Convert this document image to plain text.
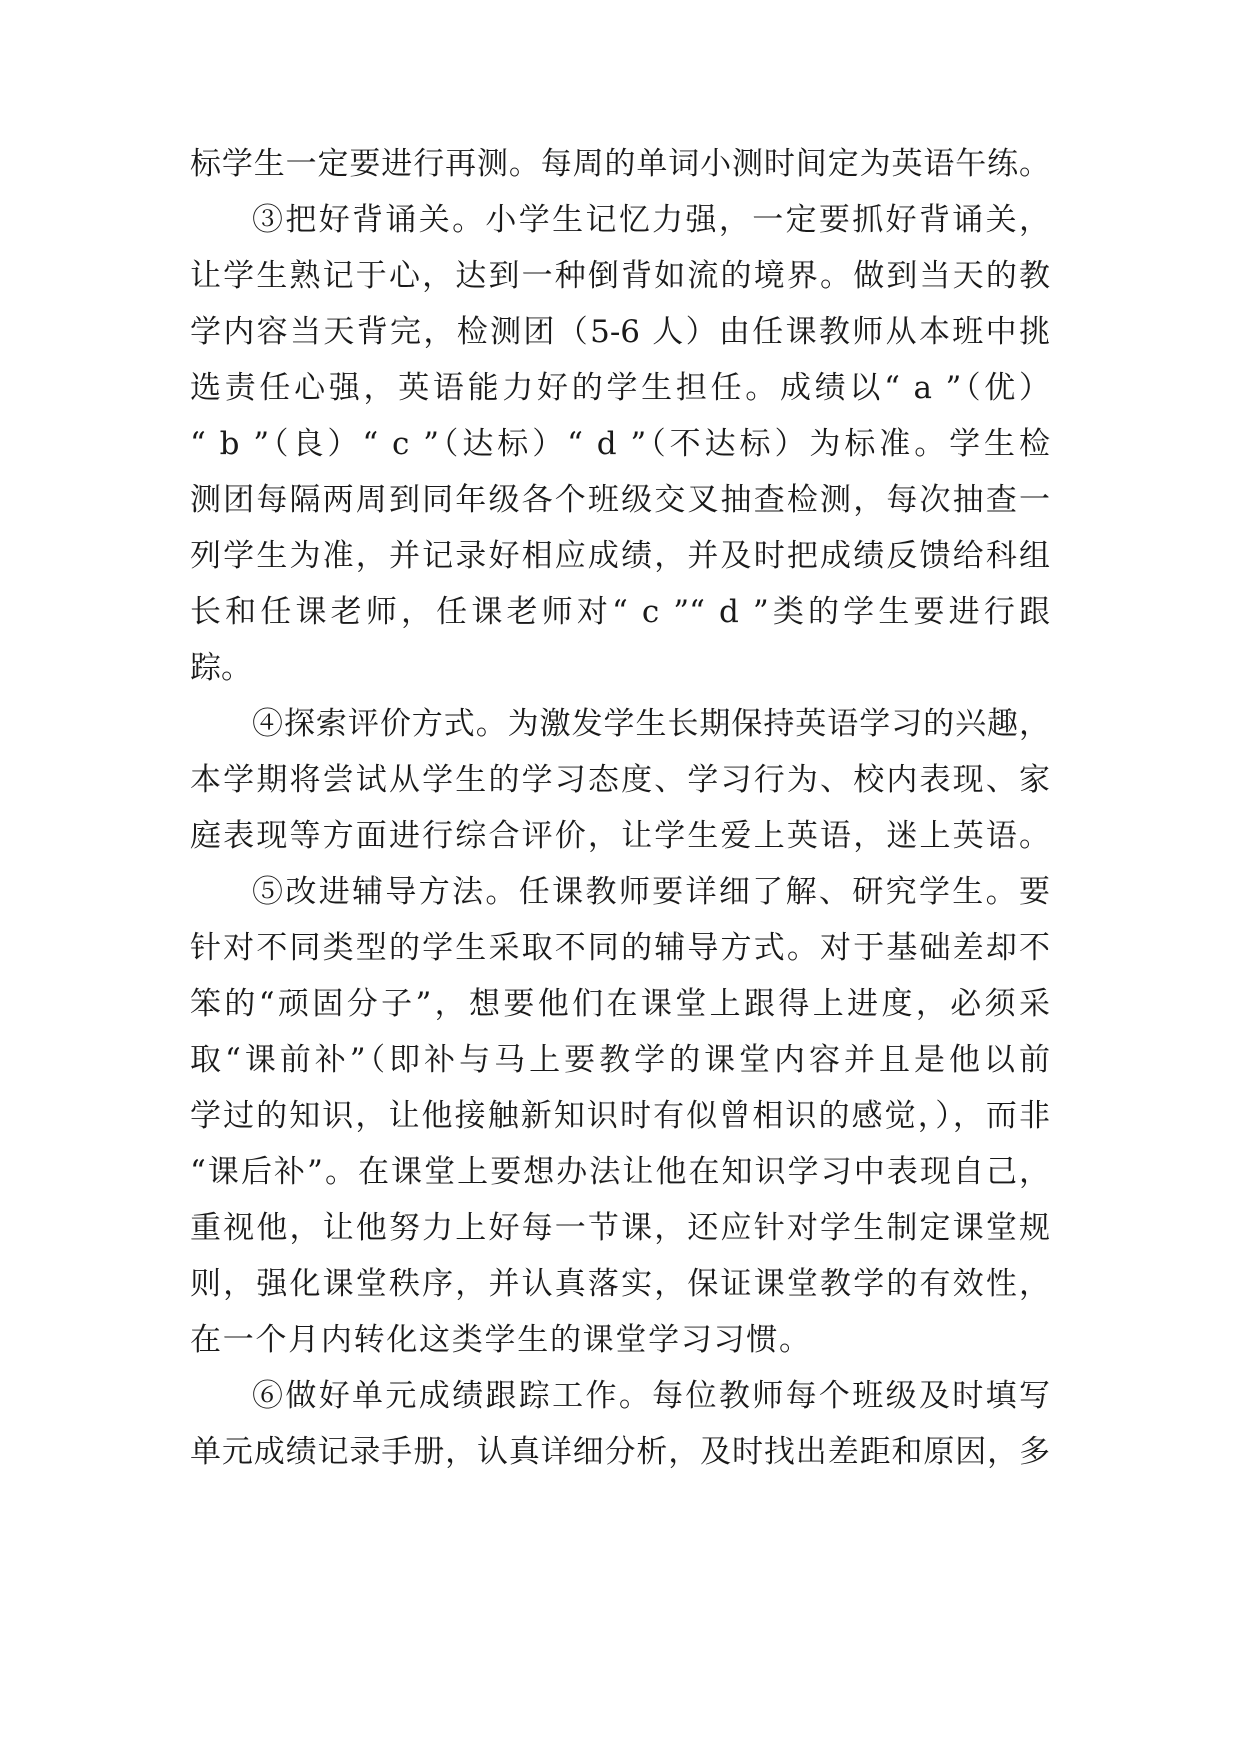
标学生一定要进行再测。每周的单词小测时间定为英语午练。
③把好背诵关。小学生记忆力强，一定要抓好背诵关，
让学生熟记于心，达到一种倒背如流的境界。做到当天的教
学内容当天背完，检测团（5-6 人）由任课教师从本班中挑
选责任心强，英语能力好的学生担任。成绩以“ a ”（优）
“ b ”（良）“ c ”（达标）“ d ”（不达标）为标准。学生检
测团每隔两周到同年级各个班级交叉抽查检测，每次抽查一
列学生为准，并记录好相应成绩，并及时把成绩反馈给科组
长和任课老师，任课老师对“ c ”“ d ”类的学生要进行跟
踪。
④探索评价方式。为激发学生长期保持英语学习的兴趣，
本学期将尝试从学生的学习态度、学习行为、校内表现、家
庭表现等方面进行综合评价，让学生爱上英语，迷上英语。
⑤改进辅导方法。任课教师要详细了解、研究学生。要
针对不同类型的学生采取不同的辅导方式。对于基础差却不
笨的“顽固分子”，想要他们在课堂上跟得上进度，必须采
取“课前补”（即补与马上要教学的课堂内容并且是他以前
学过的知识，让他接触新知识时有似曾相识的感觉，），而非
“课后补”。在课堂上要想办法让他在知识学习中表现自己，
重视他，让他努力上好每一节课，还应针对学生制定课堂规
则，强化课堂秩序，并认真落实，保证课堂教学的有效性，
在一个月内转化这类学生的课堂学习习惯。
⑥做好单元成绩跟踪工作。每位教师每个班级及时填写
单元成绩记录手册，认真详细分析，及时找出差距和原因，多
